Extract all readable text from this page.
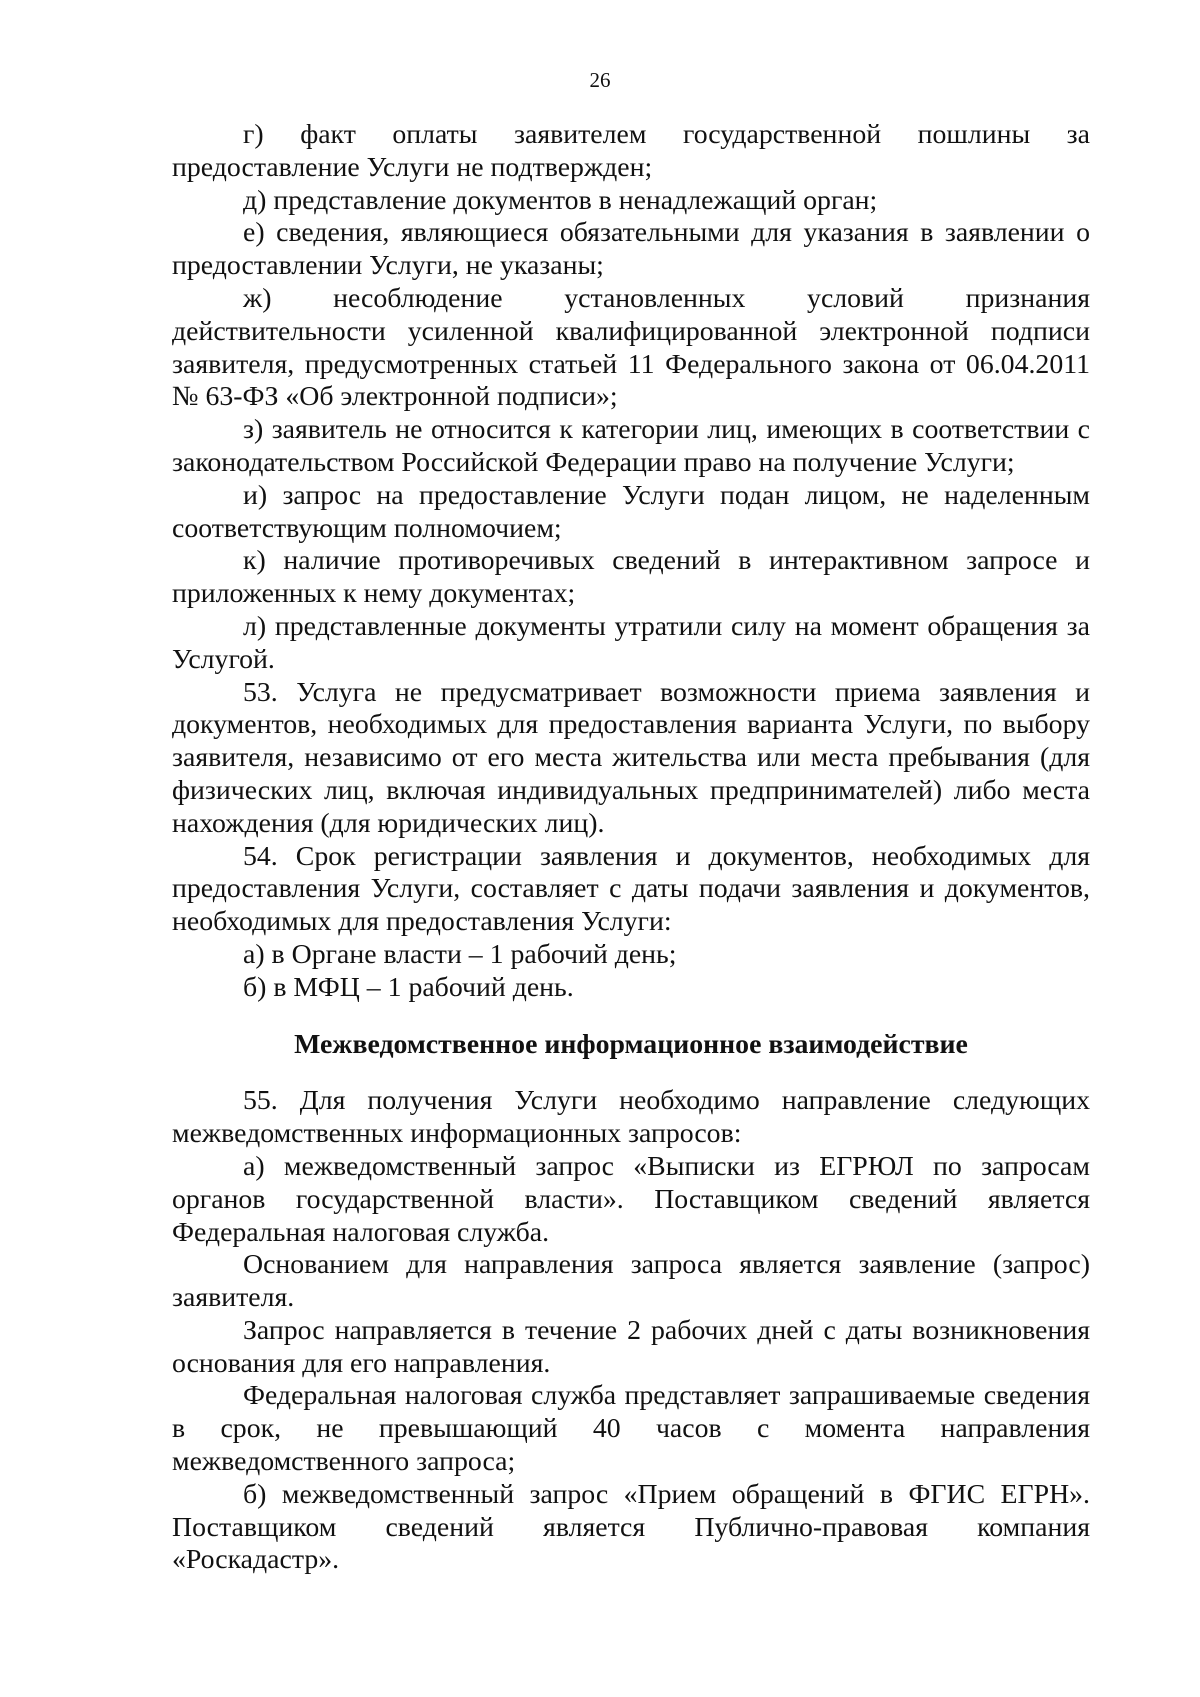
26

г) факт оплаты заявителем государственной пошлины за предоставление Услуги не подтвержден;

д) представление документов в ненадлежащий орган;

е) сведения, являющиеся обязательными для указания в заявлении о предоставлении Услуги, не указаны;

ж) несоблюдение установленных условий признания действительности усиленной квалифицированной электронной подписи заявителя, предусмотренных статьей 11 Федерального закона от 06.04.2011 № 63-ФЗ «Об электронной подписи»;

з) заявитель не относится к категории лиц, имеющих в соответствии с законодательством Российской Федерации право на получение Услуги;

и) запрос на предоставление Услуги подан лицом, не наделенным соответствующим полномочием;

к) наличие противоречивых сведений в интерактивном запросе и приложенных к нему документах;

л) представленные документы утратили силу на момент обращения за Услугой.

53. Услуга не предусматривает возможности приема заявления и документов, необходимых для предоставления варианта Услуги, по выбору заявителя, независимо от его места жительства или места пребывания (для физических лиц, включая индивидуальных предпринимателей) либо места нахождения (для юридических лиц).

54. Срок регистрации заявления и документов, необходимых для предоставления Услуги, составляет с даты подачи заявления и документов, необходимых для предоставления Услуги:

а) в Органе власти – 1 рабочий день;

б) в МФЦ – 1 рабочий день.

Межведомственное информационное взаимодействие

55. Для получения Услуги необходимо направление следующих межведомственных информационных запросов:

а) межведомственный запрос «Выписки из ЕГРЮЛ по запросам органов государственной власти». Поставщиком сведений является Федеральная налоговая служба.

Основанием для направления запроса является заявление (запрос) заявителя.

Запрос направляется в течение 2 рабочих дней с даты возникновения основания для его направления.

Федеральная налоговая служба представляет запрашиваемые сведения в срок, не превышающий 40 часов с момента направления межведомственного запроса;

б) межведомственный запрос «Прием обращений в ФГИС ЕГРН». Поставщиком сведений является Публично-правовая компания «Роскадастр».
